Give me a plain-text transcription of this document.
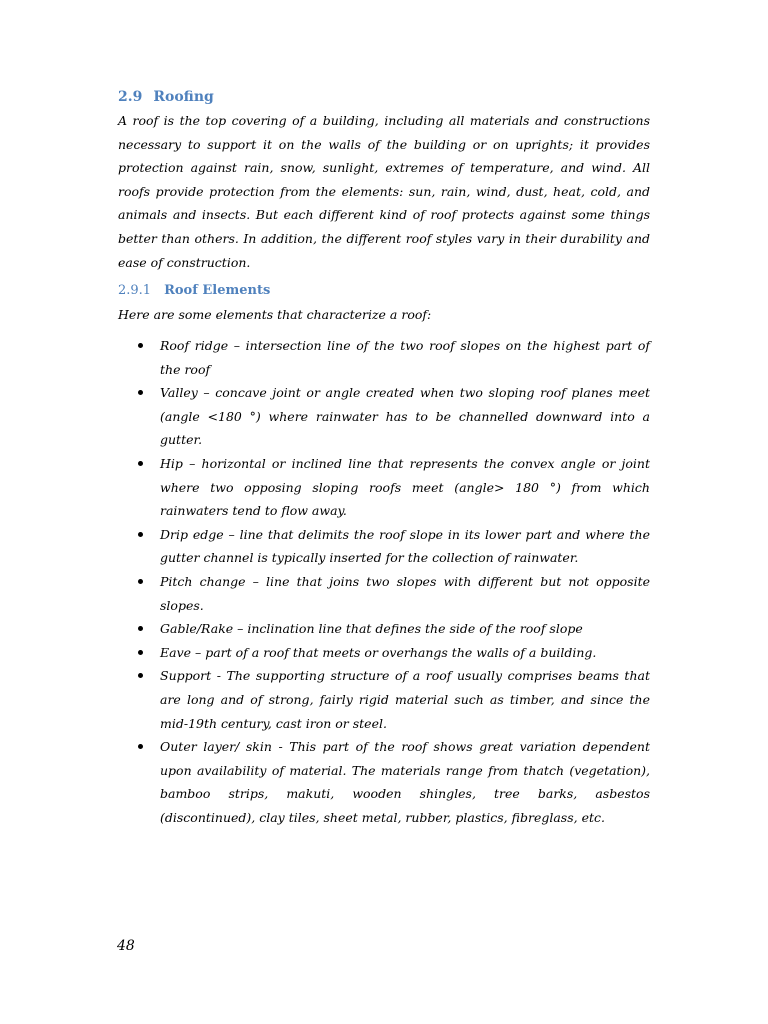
2.9 Roofing

A roof is the top covering of a building, including all materials and constructions necessary to support it on the walls of the building or on uprights; it provides protection against rain, snow, sunlight, extremes of temperature, and wind. All roofs provide protection from the elements: sun, rain, wind, dust, heat, cold, and animals and insects. But each different kind of roof protects against some things better than others. In addition, the different roof styles vary in their durability and ease of construction.

2.9.1 Roof Elements

Here are some elements that characterize a roof:

Roof ridge – intersection line of the two roof slopes on the highest part of the roof
Valley – concave joint or angle created when two sloping roof planes meet (angle <180 °) where rainwater has to be channelled downward into a gutter.
Hip – horizontal or inclined line that represents the convex angle or joint where two opposing sloping roofs meet (angle> 180 °) from which rainwaters tend to flow away.
Drip edge – line that delimits the roof slope in its lower part and where the gutter channel is typically inserted for the collection of rainwater.
Pitch change – line that joins two slopes with different but not opposite slopes.
Gable/Rake – inclination line that defines the side of the roof slope
Eave – part of a roof that meets or overhangs the walls of a building.
Support - The supporting structure of a roof usually comprises beams that are long and of strong, fairly rigid material such as timber, and since the mid-19th century, cast iron or steel.
Outer layer/ skin - This part of the roof shows great variation dependent upon availability of material. The materials range from thatch (vegetation), bamboo strips, makuti, wooden shingles, tree barks, asbestos (discontinued), clay tiles, sheet metal, rubber, plastics, fibreglass, etc.

48
